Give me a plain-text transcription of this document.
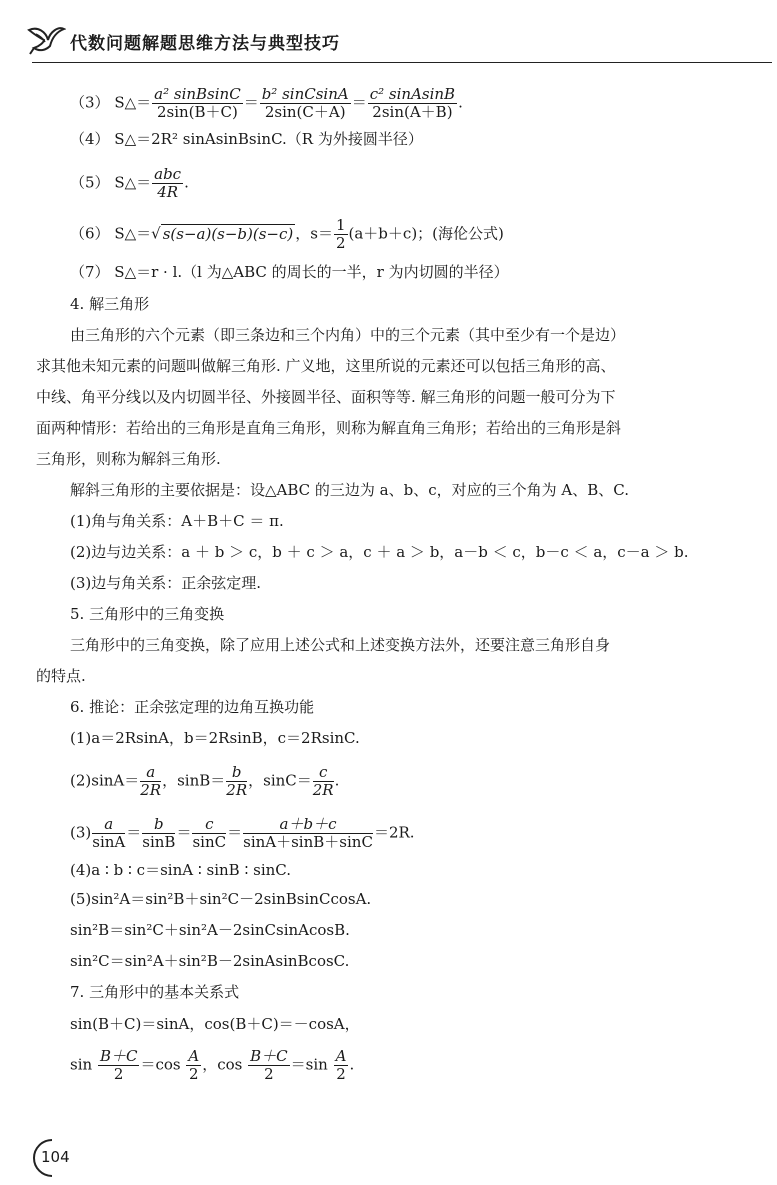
代数问题解题思维方法与典型技巧
（3） S△＝ $\frac{\text{a² sinBsinC}}{2\sin(B+C)} = \frac{\text{b² sinCsinA}}{2\sin(C+A)} = \frac{\text{c² sinAsinB}}{2\sin(A+B)}$ .
（4） S△＝2R² sinAsinBsinC.（R 为外接圆半径）
（5） S△＝ $\frac{\text{abc}}{4R}$ .
（6） S△＝√ s(s−a)(s−b)(s−c) ，$s= \frac{1}{2} (a+b+c)$；(海伦公式)
（7） S△＝r · l.（l 为△ABC 的周长的一半，r 为内切圆的半径）
4. 解三角形
由三角形的六个元素（即三条边和三个内角）中的三个元素（其中至少有一个是边）
求其他未知元素的问题叫做解三角形. 广义地，这里所说的元素还可以包括三角形的高、
中线、角平分线以及内切圆半径、外接圆半径、面积等等. 解三角形的问题一般可分为下
面两种情形：若给出的三角形是直角三角形，则称为解直角三角形；若给出的三角形是斜
三角形，则称为解斜三角形.
解斜三角形的主要依据是：设△ABC 的三边为 a、b、c，对应的三个角为 A、B、C.
(1)角与角关系：A＋B＋C ＝ π.
(2)边与边关系：a ＋ b ＞ c，b ＋ c ＞ a，c ＋ a ＞ b，a－b ＜ c，b－c ＜ a，c－a ＞ b.
(3)边与角关系：正余弦定理.
5. 三角形中的三角变换
三角形中的三角变换，除了应用上述公式和上述变换方法外，还要注意三角形自身
的特点.
6. 推论：正余弦定理的边角互换功能
(1)a＝2RsinA，b＝2RsinB，c＝2RsinC.
$(2)\sin A= \frac{a}{2R}$ ，$\sin B= \frac{b}{2R}$ ，$\sin C= \frac{c}{2R}$ .
$(3) \frac{a}{\sin A} = \frac{b}{\sin B} = \frac{c}{\sin C} = \frac{a+b+c}{\sin A+\sin B+\sin C} =2R$.
(4)a ∶ b ∶ c＝sinA ∶ sinB ∶ sinC.
(5)sin²A＝sin²B＋sin²C－2sinBsinCcosA.
sin²B＝sin²C＋sin²A－2sinCsinAcosB.
sin²C＝sin²A＋sin²B－2sinAsinBcosC.
7. 三角形中的基本关系式
sin(B＋C)＝sinA，cos(B＋C)＝－cosA，
$\sin \frac{B+C}{2} =\cos \frac{A}{2}$ ，$\cos \frac{B+C}{2} =\sin \frac{A}{2}$ .
104
